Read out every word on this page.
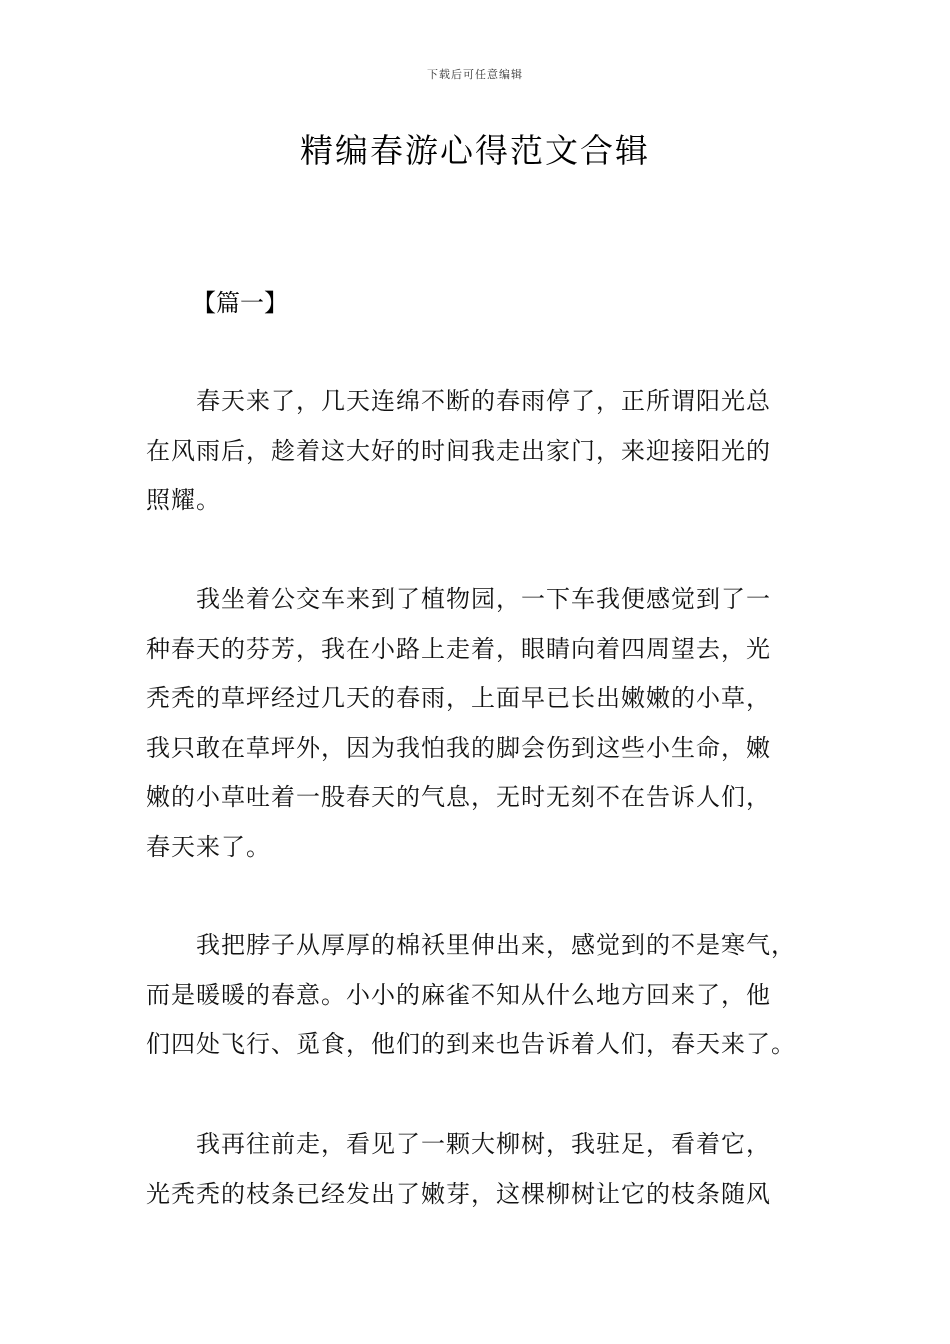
下载后可任意编辑
精编春游心得范文合辑
【篇一】
　　春天来了，几天连绵不断的春雨停了，正所谓阳光总
在风雨后，趁着这大好的时间我走出家门，来迎接阳光的
照耀。
　　我坐着公交车来到了植物园，一下车我便感觉到了一
种春天的芬芳，我在小路上走着，眼睛向着四周望去，光
秃秃的草坪经过几天的春雨，上面早已长出嫩嫩的小草，
我只敢在草坪外，因为我怕我的脚会伤到这些小生命，嫩
嫩的小草吐着一股春天的气息，无时无刻不在告诉人们，
春天来了。
　　我把脖子从厚厚的棉袄里伸出来，感觉到的不是寒气，
而是暖暖的春意。小小的麻雀不知从什么地方回来了，他
们四处飞行、觅食，他们的到来也告诉着人们，春天来了。
　　我再往前走，看见了一颗大柳树，我驻足，看着它，
光秃秃的枝条已经发出了嫩芽，这棵柳树让它的枝条随风
